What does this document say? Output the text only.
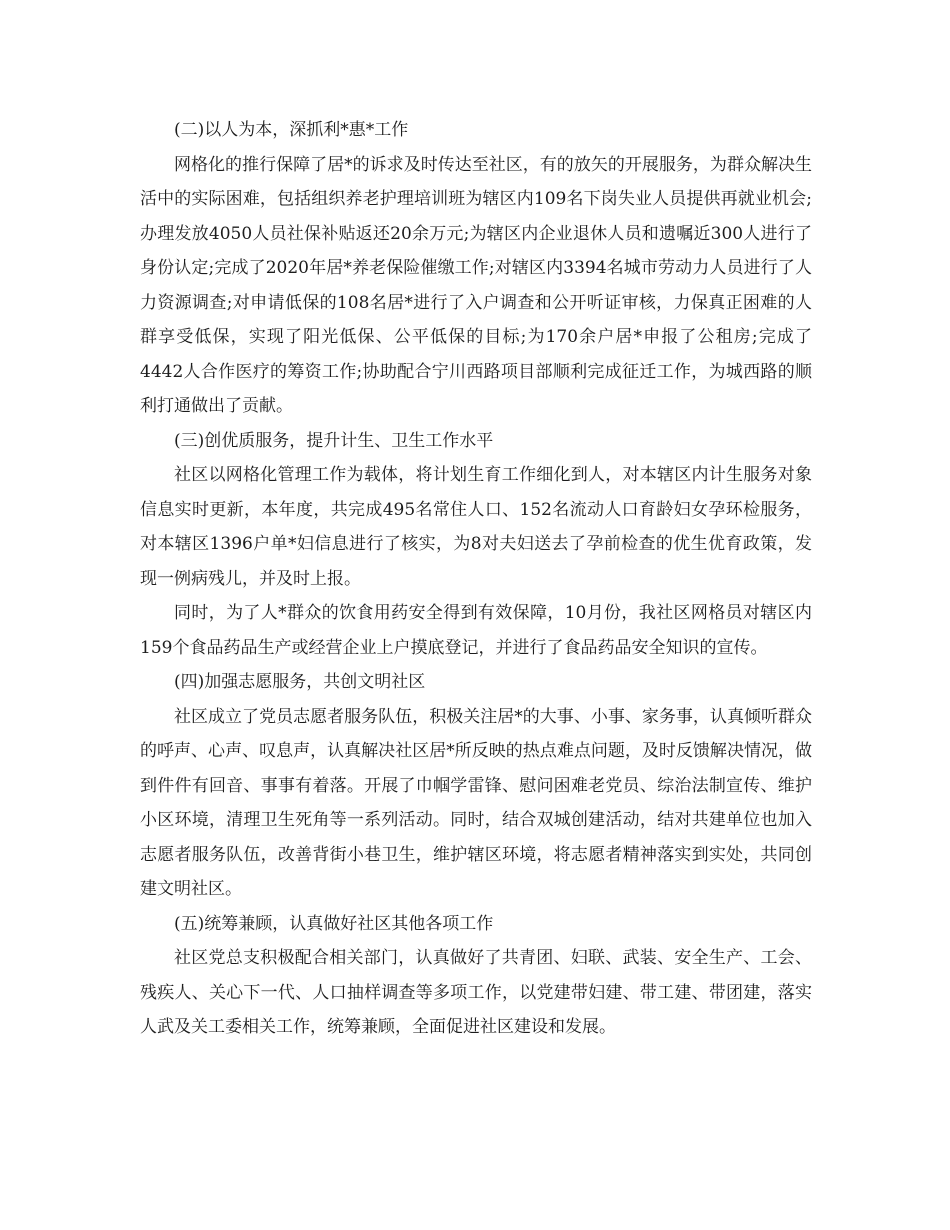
(二)以人为本，深抓利*惠*工作

网格化的推行保障了居*的诉求及时传达至社区，有的放矢的开展服务，为群众解决生活中的实际困难，包括组织养老护理培训班为辖区内109名下岗失业人员提供再就业机会;办理发放4050人员社保补贴返还20余万元;为辖区内企业退休人员和遗嘱近300人进行了身份认定;完成了2020年居*养老保险催缴工作;对辖区内3394名城市劳动力人员进行了人力资源调查;对申请低保的108名居*进行了入户调查和公开听证审核，力保真正困难的人群享受低保，实现了阳光低保、公平低保的目标;为170余户居*申报了公租房;完成了4442人合作医疗的筹资工作;协助配合宁川西路项目部顺利完成征迁工作，为城西路的顺利打通做出了贡献。

(三)创优质服务，提升计生、卫生工作水平

社区以网格化管理工作为载体，将计划生育工作细化到人，对本辖区内计生服务对象信息实时更新，本年度，共完成495名常住人口、152名流动人口育龄妇女孕环检服务，对本辖区1396户单*妇信息进行了核实，为8对夫妇送去了孕前检查的优生优育政策，发现一例病残儿，并及时上报。

同时，为了人*群众的饮食用药安全得到有效保障，10月份，我社区网格员对辖区内159个食品药品生产或经营企业上户摸底登记，并进行了食品药品安全知识的宣传。

(四)加强志愿服务，共创文明社区

社区成立了党员志愿者服务队伍，积极关注居*的大事、小事、家务事，认真倾听群众的呼声、心声、叹息声，认真解决社区居*所反映的热点难点问题，及时反馈解决情况，做到件件有回音、事事有着落。开展了巾帼学雷锋、慰问困难老党员、综治法制宣传、维护小区环境，清理卫生死角等一系列活动。同时，结合双城创建活动，结对共建单位也加入志愿者服务队伍，改善背街小巷卫生，维护辖区环境，将志愿者精神落实到实处，共同创建文明社区。

(五)统筹兼顾，认真做好社区其他各项工作

社区党总支积极配合相关部门，认真做好了共青团、妇联、武装、安全生产、工会、残疾人、关心下一代、人口抽样调查等多项工作，以党建带妇建、带工建、带团建，落实人武及关工委相关工作，统筹兼顾，全面促进社区建设和发展。
